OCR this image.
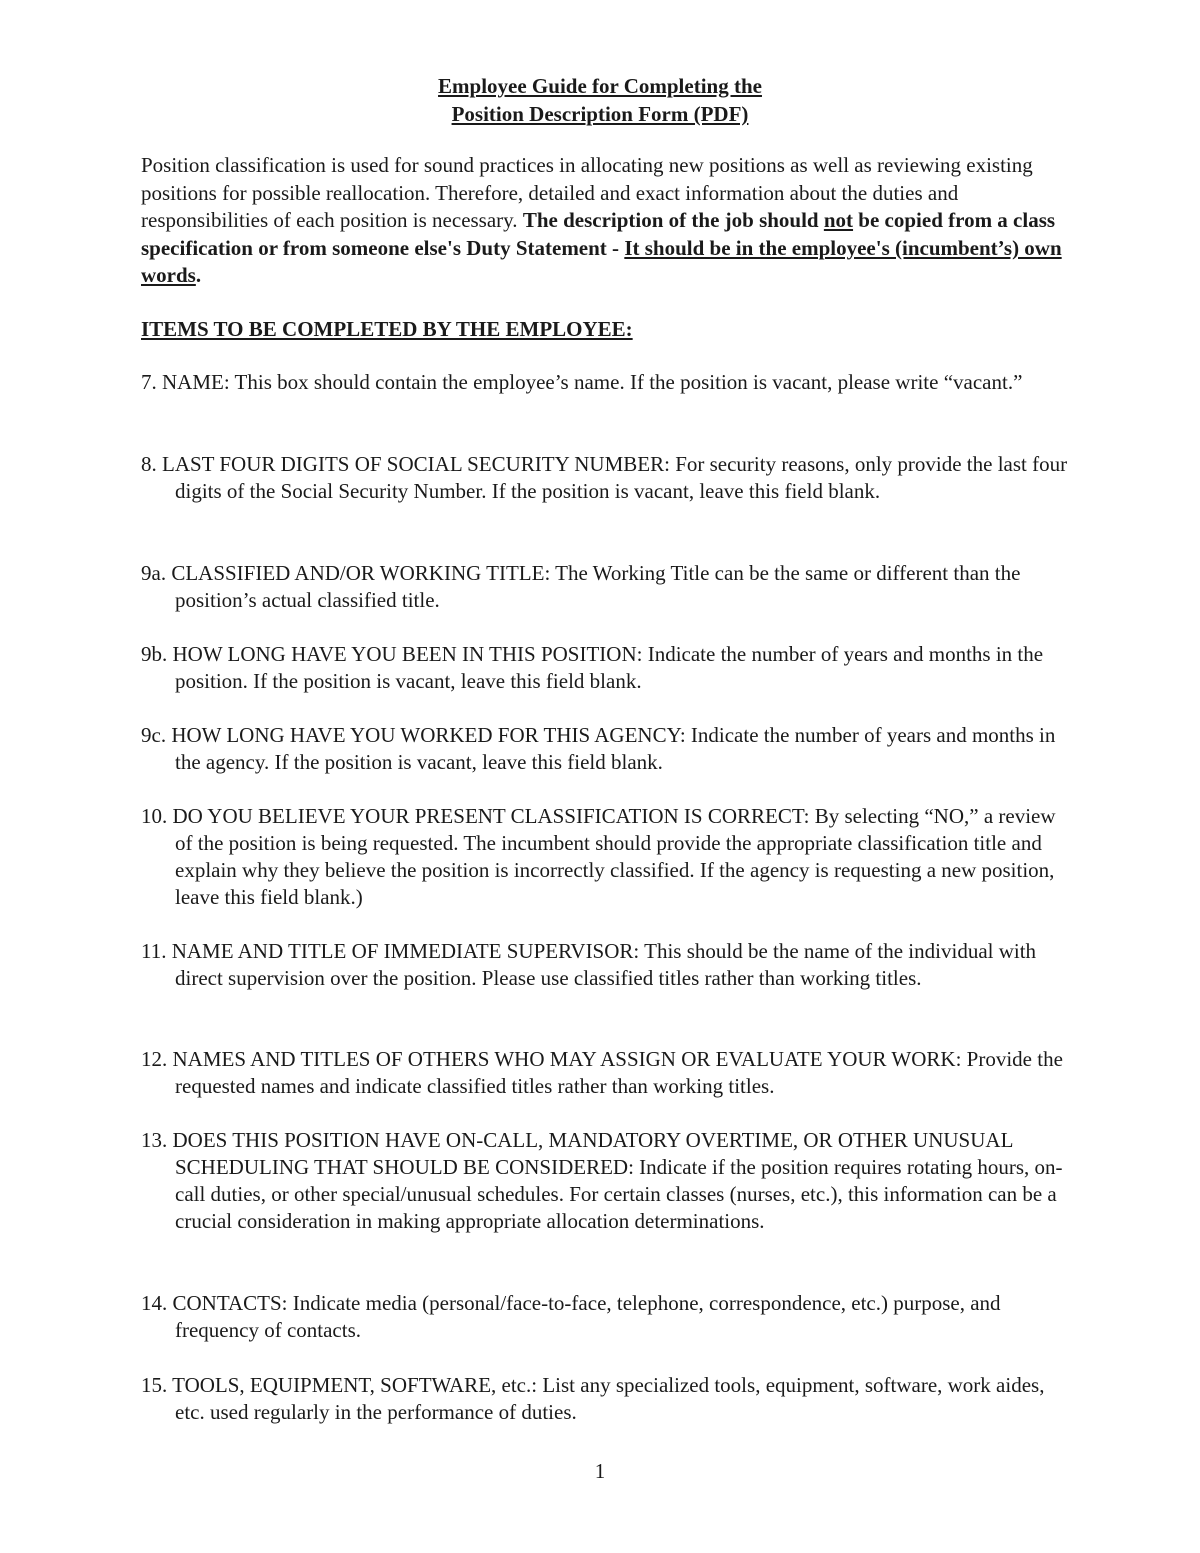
Employee Guide for Completing the
Position Description Form (PDF)
Position classification is used for sound practices in allocating new positions as well as reviewing existing positions for possible reallocation. Therefore, detailed and exact information about the duties and responsibilities of each position is necessary. The description of the job should not be copied from a class specification or from someone else's Duty Statement - It should be in the employee's (incumbent’s) own words.
ITEMS TO BE COMPLETED BY THE EMPLOYEE:
7. NAME: This box should contain the employee’s name. If the position is vacant, please write “vacant.”
8. LAST FOUR DIGITS OF SOCIAL SECURITY NUMBER: For security reasons, only provide the last four digits of the Social Security Number. If the position is vacant, leave this field blank.
9a. CLASSIFIED AND/OR WORKING TITLE: The Working Title can be the same or different than the position’s actual classified title.
9b. HOW LONG HAVE YOU BEEN IN THIS POSITION: Indicate the number of years and months in the position. If the position is vacant, leave this field blank.
9c. HOW LONG HAVE YOU WORKED FOR THIS AGENCY: Indicate the number of years and months in the agency. If the position is vacant, leave this field blank.
10. DO YOU BELIEVE YOUR PRESENT CLASSIFICATION IS CORRECT: By selecting “NO,” a review of the position is being requested. The incumbent should provide the appropriate classification title and explain why they believe the position is incorrectly classified. If the agency is requesting a new position, leave this field blank.)
11. NAME AND TITLE OF IMMEDIATE SUPERVISOR: This should be the name of the individual with direct supervision over the position. Please use classified titles rather than working titles.
12. NAMES AND TITLES OF OTHERS WHO MAY ASSIGN OR EVALUATE YOUR WORK: Provide the requested names and indicate classified titles rather than working titles.
13. DOES THIS POSITION HAVE ON-CALL, MANDATORY OVERTIME, OR OTHER UNUSUAL SCHEDULING THAT SHOULD BE CONSIDERED: Indicate if the position requires rotating hours, on-call duties, or other special/unusual schedules. For certain classes (nurses, etc.), this information can be a crucial consideration in making appropriate allocation determinations.
14. CONTACTS: Indicate media (personal/face-to-face, telephone, correspondence, etc.) purpose, and frequency of contacts.
15. TOOLS, EQUIPMENT, SOFTWARE, etc.: List any specialized tools, equipment, software, work aides, etc. used regularly in the performance of duties.
1
